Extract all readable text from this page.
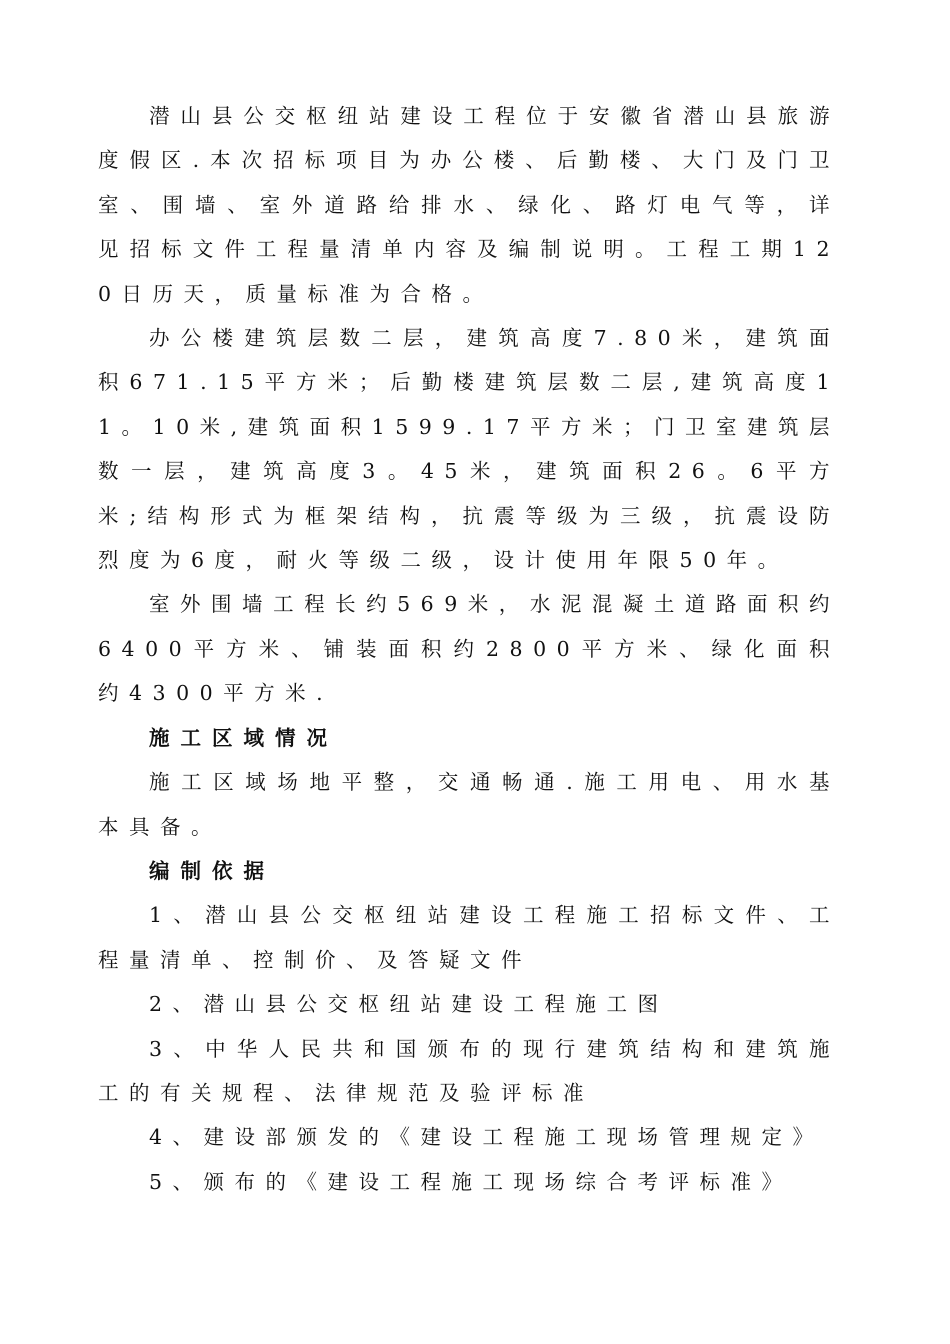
潜山县公交枢纽站建设工程位于安徽省潜山县旅游度假区.本次招标项目为办公楼、后勤楼、大门及门卫室、围墙、室外道路给排水、绿化、路灯电气等，详见招标文件工程量清单内容及编制说明。工程工期120日历天，质量标准为合格。

办公楼建筑层数二层，建筑高度7.80米，建筑面积671.15平方米；后勤楼建筑层数二层,建筑高度11。10米,建筑面积1599.17平方米；门卫室建筑层数一层，建筑高度3。45米，建筑面积26。6平方米;结构形式为框架结构，抗震等级为三级，抗震设防烈度为6度，耐火等级二级，设计使用年限50年。

室外围墙工程长约569米，水泥混凝土道路面积约6400平方米、铺装面积约2800平方米、绿化面积约4300平方米.

施工区域情况

施工区域场地平整，交通畅通.施工用电、用水基本具备。

编制依据

1、潜山县公交枢纽站建设工程施工招标文件、工程量清单、控制价、及答疑文件

2、潜山县公交枢纽站建设工程施工图

3、中华人民共和国颁布的现行建筑结构和建筑施工的有关规程、法律规范及验评标准

4、建设部颁发的《建设工程施工现场管理规定》

5、颁布的《建设工程施工现场综合考评标准》
